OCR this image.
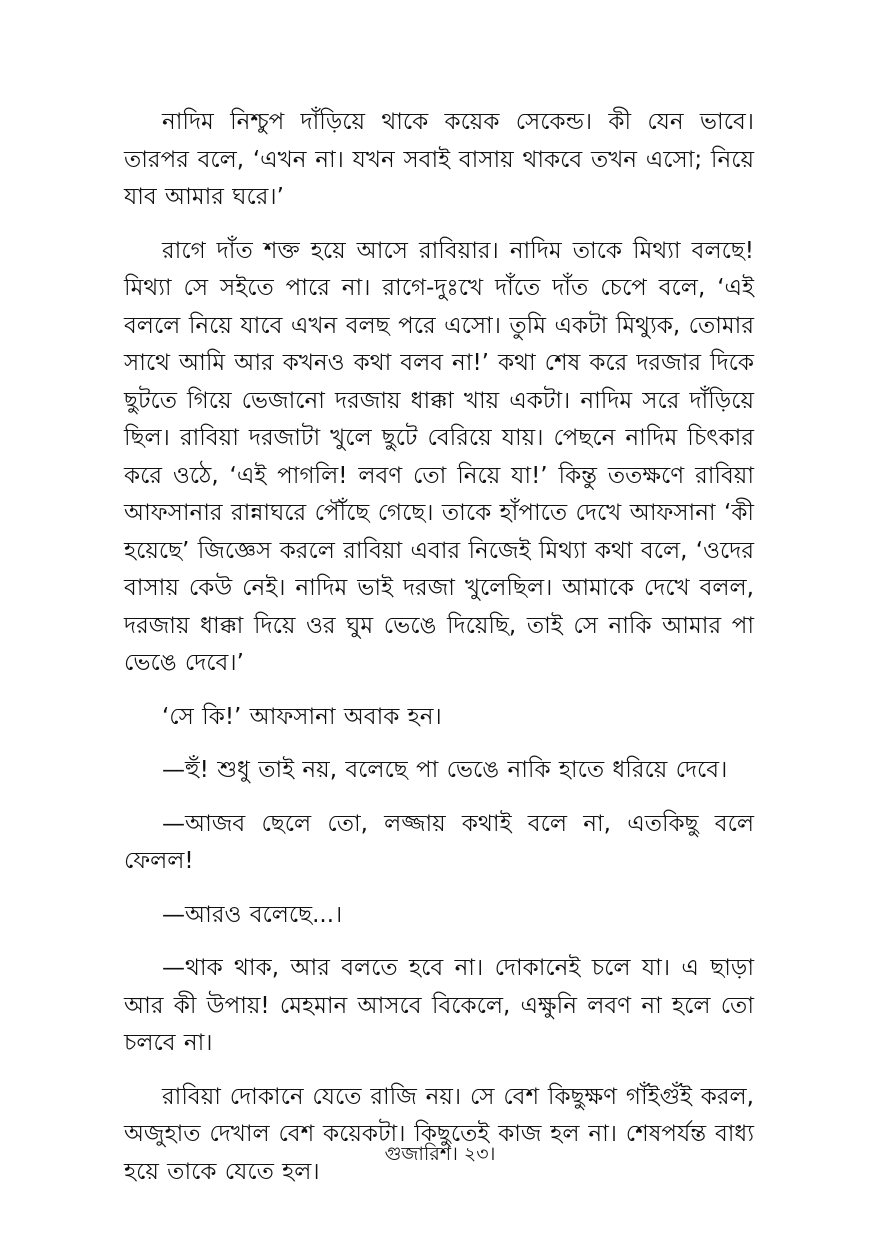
নাদিম নিশ্চুপ দাঁড়িয়ে থাকে কয়েক সেকেন্ড। কী যেন ভাবে। তারপর বলে, ‘এখন না। যখন সবাই বাসায় থাকবে তখন এসো; নিয়ে যাব আমার ঘরে।’

রাগে দাঁত শক্ত হয়ে আসে রাবিয়ার। নাদিম তাকে মিথ্যা বলছে! মিথ্যা সে সইতে পারে না। রাগে-দুঃখে দাঁতে দাঁত চেপে বলে, ‘এই বললে নিয়ে যাবে এখন বলছ পরে এসো। তুমি একটা মিথ্যুক, তোমার সাথে আমি আর কখনও কথা বলব না!’ কথা শেষ করে দরজার দিকে ছুটতে গিয়ে ভেজানো দরজায় ধাক্কা খায় একটা। নাদিম সরে দাঁড়িয়ে ছিল। রাবিয়া দরজাটা খুলে ছুটে বেরিয়ে যায়। পেছনে নাদিম চিৎকার করে ওঠে, ‘এই পাগলি! লবণ তো নিয়ে যা!’ কিন্তু ততক্ষণে রাবিয়া আফসানার রান্নাঘরে পৌঁছে গেছে। তাকে হাঁপাতে দেখে আফসানা ‘কী হয়েছে’ জিজ্ঞেস করলে রাবিয়া এবার নিজেই মিথ্যা কথা বলে, ‘ওদের বাসায় কেউ নেই। নাদিম ভাই দরজা খুলেছিল। আমাকে দেখে বলল, দরজায় ধাক্কা দিয়ে ওর ঘুম ভেঙে দিয়েছি, তাই সে নাকি আমার পা ভেঙে দেবে।’

‘সে কি!’ আফসানা অবাক হন।

—হুঁ! শুধু তাই নয়, বলেছে পা ভেঙে নাকি হাতে ধরিয়ে দেবে।

—আজব ছেলে তো, লজ্জায় কথাই বলে না, এতকিছু বলে ফেলল!

—আরও বলেছে...।

—থাক থাক, আর বলতে হবে না। দোকানেই চলে যা। এ ছাড়া আর কী উপায়! মেহমান আসবে বিকেলে, এক্ষুনি লবণ না হলে তো চলবে না।

রাবিয়া দোকানে যেতে রাজি নয়। সে বেশ কিছুক্ষণ গাঁইগুঁই করল, অজুহাত দেখাল বেশ কয়েকটা। কিছুতেই কাজ হল না। শেষপর্যন্ত বাধ্য হয়ে তাকে যেতে হল।

গুজারিশ। ২৩।
